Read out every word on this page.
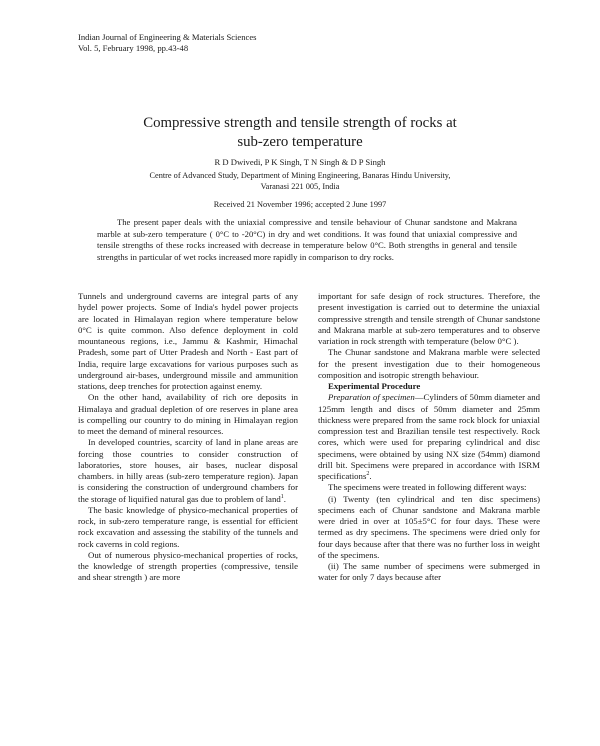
Indian Journal of Engineering & Materials Sciences
Vol. 5, February 1998, pp.43-48
Compressive strength and tensile strength of rocks at
sub-zero temperature
R D Dwivedi, P K Singh, T N Singh & D P Singh
Centre of Advanced Study, Department of Mining Engineering, Banaras Hindu University,
Varanasi 221 005, India
Received 21 November 1996; accepted 2 June 1997

The present paper deals with the uniaxial compressive and tensile behaviour of Chunar sandstone and Makrana marble at sub-zero temperature ( 0°C to -20°C) in dry and wet conditions. It was found that uniaxial compressive and tensile strengths of these rocks increased with decrease in temperature below 0°C. Both strengths in general and tensile strengths in particular of wet rocks increased more rapidly in comparison to dry rocks.

Tunnels and underground caverns are integral parts of any hydel power projects. Some of India's hydel power projects are located in Himalayan region where temperature below 0°C is quite common. Also defence deployment in cold mountaneous regions, i.e., Jammu & Kashmir, Himachal Pradesh, some part of Utter Pradesh and North - East part of India, require large excavations for various purposes such as underground air-bases, underground missile and ammunition stations, deep trenches for protection against enemy.

On the other hand, availability of rich ore deposits in Himalaya and gradual depletion of ore reserves in plane area is compelling our country to do mining in Himalayan region to meet the demand of mineral resources.

In developed countries, scarcity of land in plane areas are forcing those countries to consider construction of laboratories, store houses, air bases, nuclear disposal chambers. in hilly areas (sub-zero temperature region). Japan is considering the construction of underground chambers for the storage of liquified natural gas due to problem of land$^1$.

The basic knowledge of physico-mechanical properties of rock, in sub-zero temperature range, is essential for efficient rock excavation and assessing the stability of the tunnels and rock caverns in cold regions.

Out of numerous physico-mechanical properties of rocks, the knowledge of strength properties (compressive, tensile and shear strength ) are more

important for safe design of rock structures. Therefore, the present investigation is carried out to determine the uniaxial compressive strength and tensile strength of Chunar sandstone and Makrana marble at sub-zero temperatures and to observe variation in rock strength with temperature (below 0°C ).

The Chunar sandstone and Makrana marble were selected for the present investigation due to their homogeneous composition and isotropic strength behaviour.

Experimental Procedure

Preparation of specimen—Cylinders of 50mm diameter and 125mm length and discs of 50mm diameter and 25mm thickness were prepared from the same rock block for uniaxial compression test and Brazilian tensile test respectively. Rock cores, which were used for preparing cylindrical and disc specimens, were obtained by using NX size (54mm) diamond drill bit. Specimens were prepared in accordance with ISRM specifications$^2$.

The specimens were treated in following different ways:

(i) Twenty (ten cylindrical and ten disc specimens) specimens each of Chunar sandstone and Makrana marble were dried in over at 105±5°C for four days. These were termed as dry specimens. The specimens were dried only for four days because after that there was no further loss in weight of the specimens.

(ii) The same number of specimens were submerged in water for only 7 days because after
